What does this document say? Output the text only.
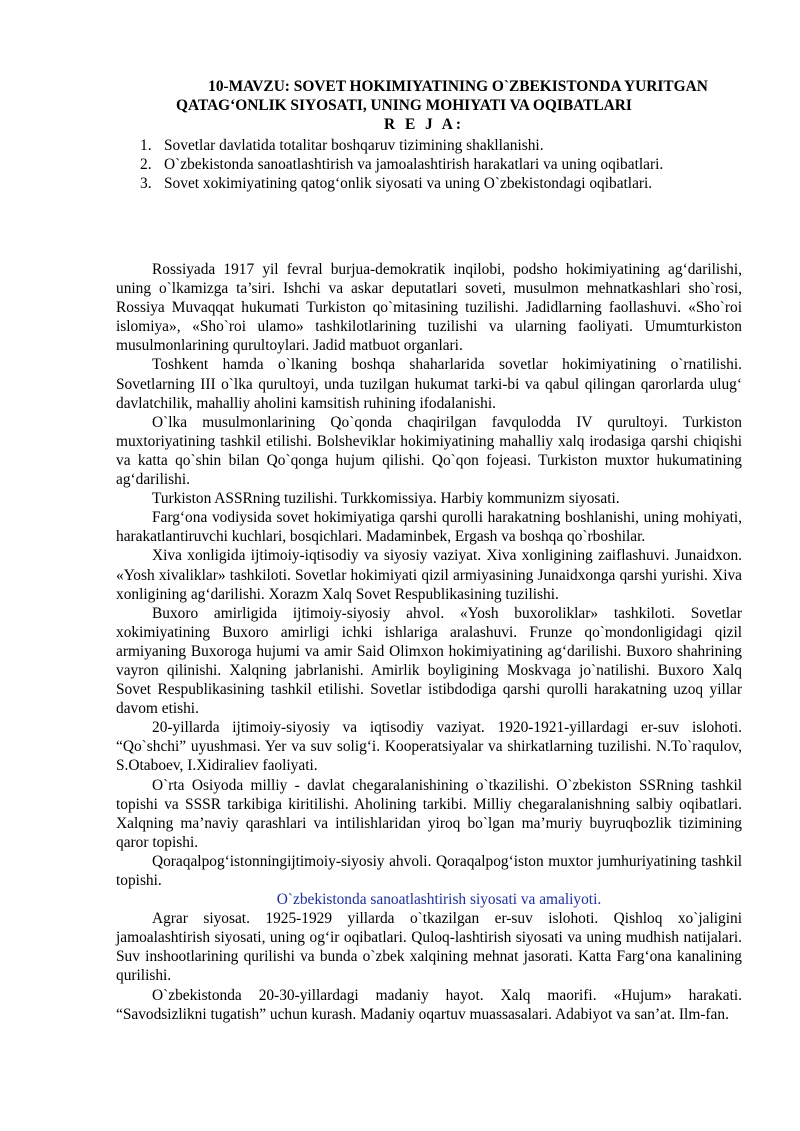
10-MAVZU: SOVET HOKIMIYATINING O`ZBEKISTONDA YURITGAN
QATAG‘ONLIK SIYOSATI, UNING MOHIYATI VA OQIBATLARI
R E J A:
1. Sovetlar davlatida totalitar boshqaruv tizimining shakllanishi.
2. O`zbekistonda sanoatlashtirish va jamoalashtirish harakatlari va uning oqibatlari.
3. Sovet xokimiyatining qatog‘onlik siyosati va uning O`zbekistondagi oqibatlari.

Rossiyada 1917 yil fevral burjua-demokratik inqilobi, podsho hokimiyatining ag‘darilishi, uning o`lkamizga ta’siri. Ishchi va askar deputatlari soveti, musulmon mehnatkashlari sho`rosi, Rossiya Muvaqqat hukumati Turkiston qo`mitasining tuzilishi. Jadidlarning faollashuvi. «Sho`roi islomiya», «Sho`roi ulamo» tashkilotlarining tuzilishi va ularning faoliyati. Umumturkiston musulmonlarining qurultoylari. Jadid matbuot organlari.

Toshkent hamda o`lkaning boshqa shaharlarida sovetlar hokimiyatining o`rnatilishi. Sovetlarning III o`lka qurultoyi, unda tuzilgan hukumat tarki-bi va qabul qilingan qarorlarda ulug‘ davlatchilik, mahalliy aholini kamsitish ruhining ifodalanishi.

O`lka musulmonlarining Qo`qonda chaqirilgan favqulodda IV qurultoyi. Turkiston muxtoriyatining tashkil etilishi. Bolsheviklar hokimiyatining mahalliy xalq irodasiga qarshi chiqishi va katta qo`shin bilan Qo`qonga hujum qilishi. Qo`qon fojeasi. Turkiston muxtor hukumatining ag‘darilishi.

Turkiston ASSRning tuzilishi. Turkkomissiya. Harbiy kommunizm siyosati.

Farg‘ona vodiysida sovet hokimiyatiga qarshi qurolli harakatning boshlanishi, uning mohiyati, harakatlantiruvchi kuchlari, bosqichlari. Madaminbek, Ergash va boshqa qo`rboshilar.

Xiva xonligida ijtimoiy-iqtisodiy va siyosiy vaziyat. Xiva xonligining zaiflashuvi. Junaidxon. «Yosh xivaliklar» tashkiloti. Sovetlar hokimiyati qizil armiyasining Junaidxonga qarshi yurishi. Xiva xonligining ag‘darilishi. Xorazm Xalq Sovet Respublikasining tuzilishi.

Buxoro amirligida ijtimoiy-siyosiy ahvol. «Yosh buxoroliklar» tashkiloti. Sovetlar xokimiyatining Buxoro amirligi ichki ishlariga aralashuvi. Frunze qo`mondonligidagi qizil armiyaning Buxoroga hujumi va amir Said Olimxon hokimiyatining ag‘darilishi. Buxoro shahrining vayron qilinishi. Xalqning jabrlanishi. Amirlik boyligining Moskvaga jo`natilishi. Buxoro Xalq Sovet Respublikasining tashkil etilishi. Sovetlar istibdodiga qarshi qurolli harakatning uzoq yillar davom etishi.

20-yillarda ijtimoiy-siyosiy va iqtisodiy vaziyat. 1920-1921-yillardagi er-suv islohoti. “Qo`shchi” uyushmasi. Yer va suv solig‘i. Kooperatsiyalar va shirkatlarning tuzilishi. N.To`raqulov, S.Otaboev, I.Xidiraliev faoliyati.

O`rta Osiyoda milliy - davlat chegaralanishining o`tkazilishi. O`zbekiston SSRning tashkil topishi va SSSR tarkibiga kiritilishi. Aholining tarkibi. Milliy chegaralanishning salbiy oqibatlari. Xalqning ma’naviy qarashlari va intilishlaridan yiroq bo`lgan ma’muriy buyruqbozlik tizimining qaror topishi.

Qoraqalpog‘istonningijtimoiy-siyosiy ahvoli. Qoraqalpog‘iston muxtor jumhuriyatining tashkil topishi.

O`zbekistonda sanoatlashtirish siyosati va amaliyoti.

Agrar siyosat. 1925-1929 yillarda o`tkazilgan er-suv islohoti. Qishloq xo`jaligini jamoalashtirish siyosati, uning og‘ir oqibatlari. Quloq-lashtirish siyosati va uning mudhish natijalari. Suv inshootlarining qurilishi va bunda o`zbek xalqining mehnat jasorati. Katta Farg‘ona kanalining qurilishi.

O`zbekistonda 20-30-yillardagi madaniy hayot. Xalq maorifi. «Hujum» harakati. “Savodsizlikni tugatish” uchun kurash. Madaniy oqartuv muassasalari. Adabiyot va san’at. Ilm-fan.
